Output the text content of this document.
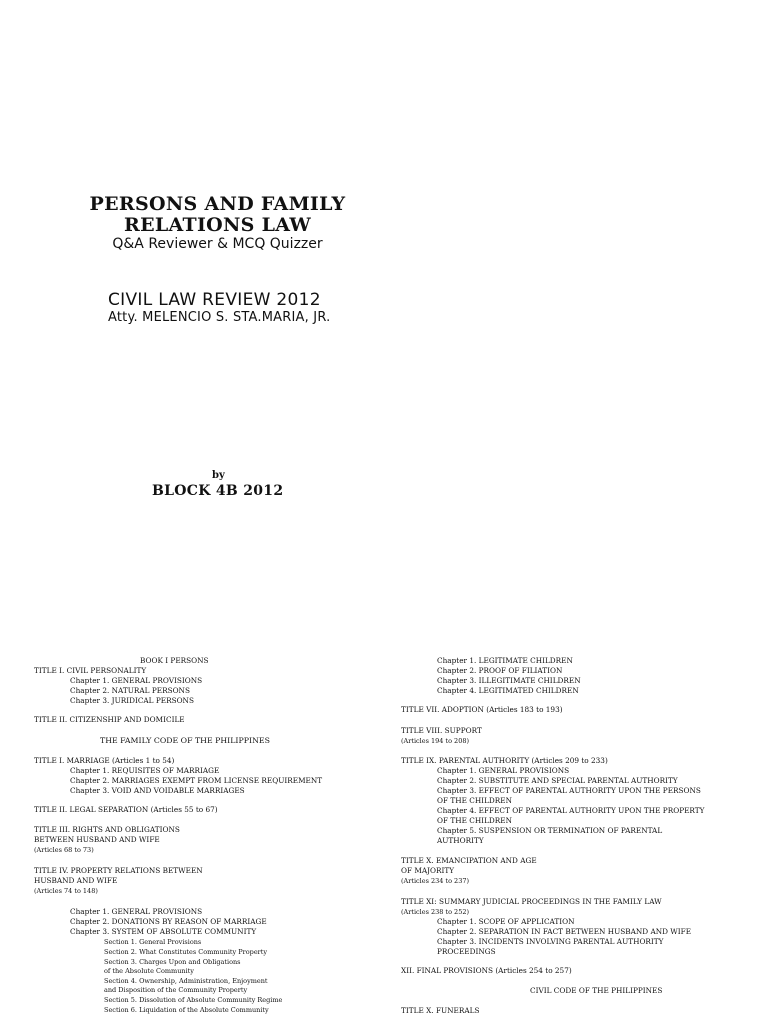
PERSONS AND FAMILY
RELATIONS LAW
Q&A Reviewer & MCQ Quizzer
CIVIL LAW REVIEW 2012
Atty. MELENCIO S. STA.MARIA, JR.
by
BLOCK 4B 2012
BOOK I PERSONS
TITLE I. CIVIL PERSONALITY
Chapter 1. GENERAL PROVISIONS
Chapter 2. NATURAL PERSONS
Chapter 3. JURIDICAL PERSONS
TITLE II. CITIZENSHIP AND DOMICILE
THE FAMILY CODE OF THE PHILIPPINES
TITLE I. MARRIAGE (Articles 1 to 54)
Chapter 1. REQUISITES OF MARRIAGE
Chapter 2. MARRIAGES EXEMPT FROM LICENSE REQUIREMENT
Chapter 3. VOID AND VOIDABLE MARRIAGES
TITLE II. LEGAL SEPARATION (Articles 55 to 67)
TITLE III. RIGHTS AND OBLIGATIONS
BETWEEN HUSBAND AND WIFE
(Articles 68 to 73)
TITLE IV. PROPERTY RELATIONS BETWEEN
HUSBAND AND WIFE
(Articles 74 to 148)
Chapter 1. GENERAL PROVISIONS
Chapter 2. DONATIONS BY REASON OF MARRIAGE
Chapter 3. SYSTEM OF ABSOLUTE COMMUNITY
Section 1. General Provisions
Section 2. What Constitutes Community Property
Section 3. Charges Upon and Obligations
of the Absolute Community
Section 4. Ownership, Administration, Enjoyment
and Disposition of the Community Property
Section 5. Dissolution of Absolute Community Regime
Section 6. Liquidation of the Absolute Community
Chapter 1. LEGITIMATE CHILDREN
Chapter 2. PROOF OF FILIATION
Chapter 3. ILLEGITIMATE CHILDREN
Chapter 4. LEGITIMATED CHILDREN
TITLE VII. ADOPTION (Articles 183 to 193)
TITLE VIII. SUPPORT
(Articles 194 to 208)
TITLE IX. PARENTAL AUTHORITY (Articles 209 to 233)
Chapter 1. GENERAL PROVISIONS
Chapter 2. SUBSTITUTE AND SPECIAL PARENTAL AUTHORITY
Chapter 3. EFFECT OF PARENTAL AUTHORITY UPON THE PERSONS
OF THE CHILDREN
Chapter 4. EFFECT OF PARENTAL AUTHORITY UPON THE PROPERTY
OF THE CHILDREN
Chapter 5. SUSPENSION OR TERMINATION OF PARENTAL
AUTHORITY
TITLE X. EMANCIPATION AND AGE
OF MAJORITY
(Articles 234 to 237)
TITLE XI: SUMMARY JUDICIAL PROCEEDINGS IN THE FAMILY LAW
(Articles 238 to 252)
Chapter 1. SCOPE OF APPLICATION
Chapter 2. SEPARATION IN FACT BETWEEN HUSBAND AND WIFE
Chapter 3. INCIDENTS INVOLVING PARENTAL AUTHORITY
PROCEEDINGS
XII. FINAL PROVISIONS (Articles 254 to 257)
CIVIL CODE OF THE PHILIPPINES
TITLE X. FUNERALS
